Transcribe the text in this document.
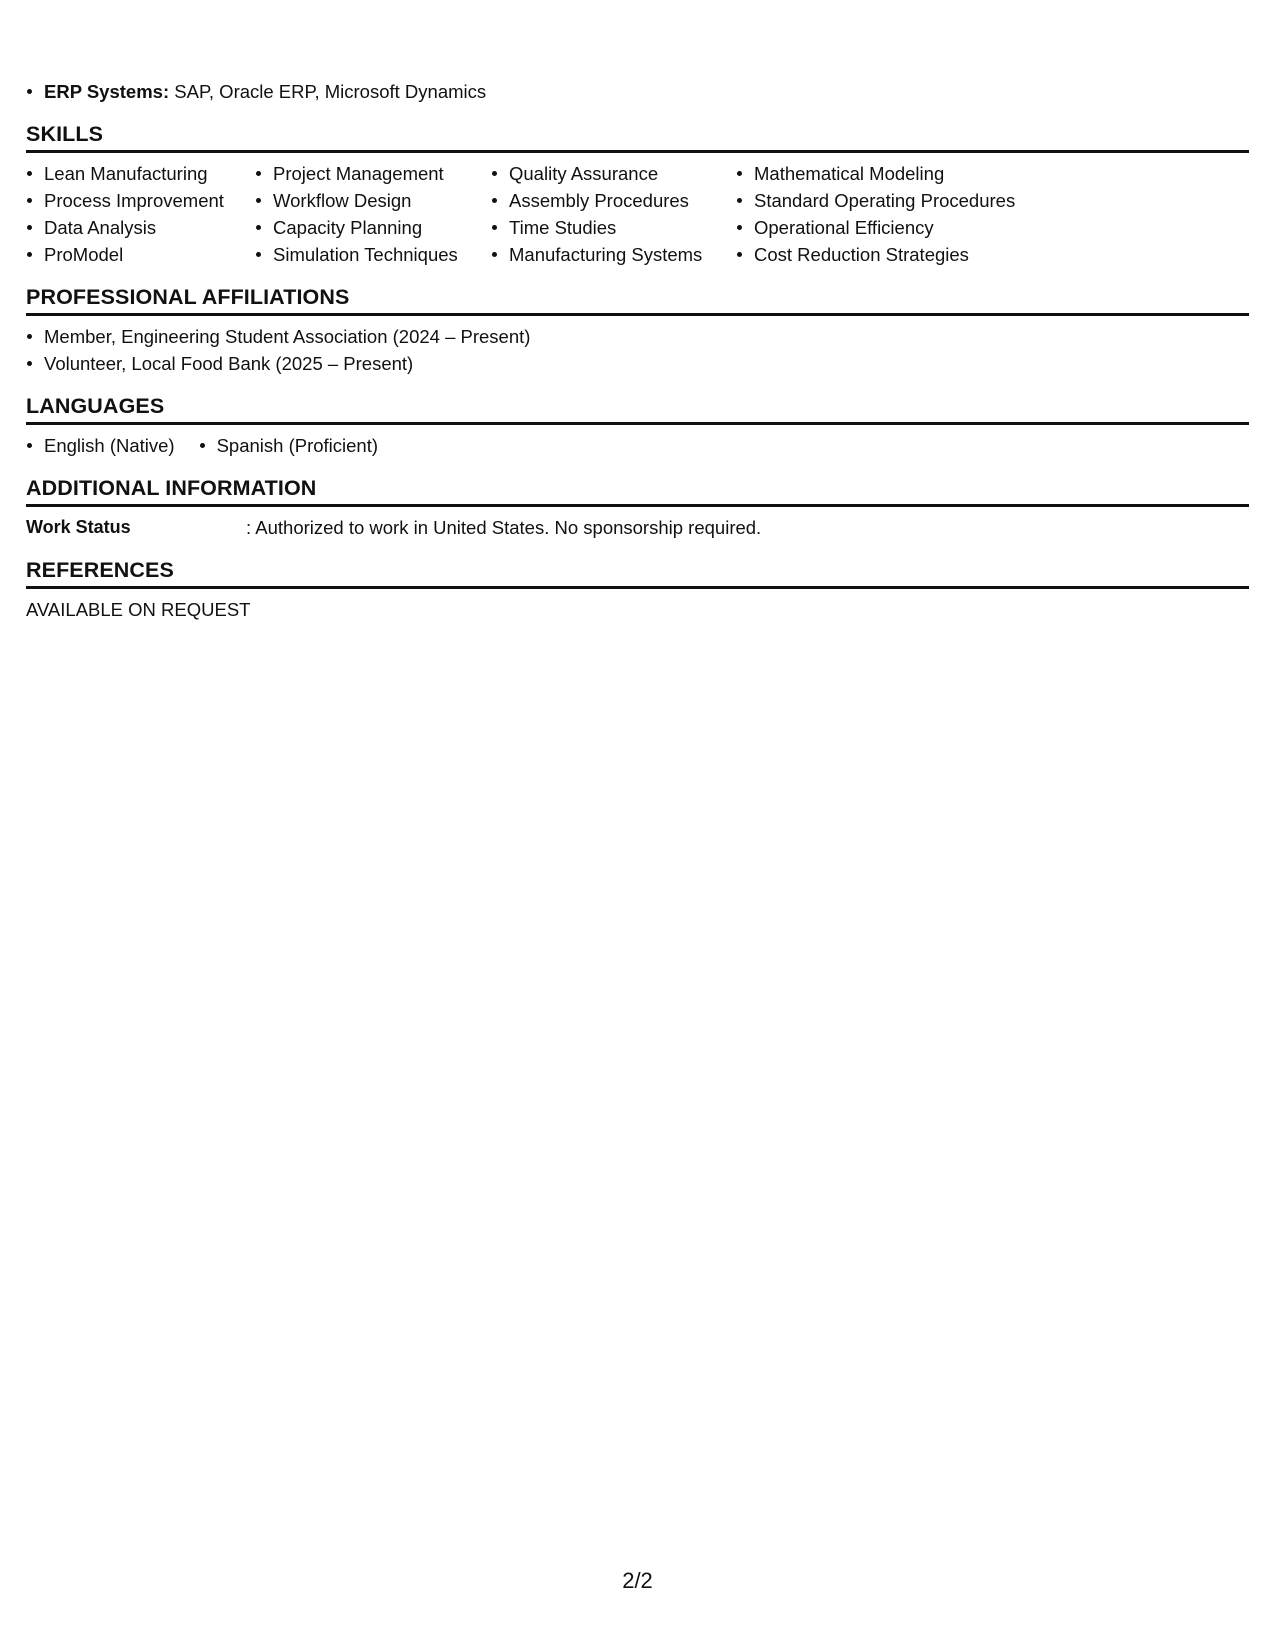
ERP Systems: SAP, Oracle ERP, Microsoft Dynamics
SKILLS
Lean Manufacturing
Process Improvement
Data Analysis
ProModel
Project Management
Workflow Design
Capacity Planning
Simulation Techniques
Quality Assurance
Assembly Procedures
Time Studies
Manufacturing Systems
Mathematical Modeling
Standard Operating Procedures
Operational Efficiency
Cost Reduction Strategies
PROFESSIONAL AFFILIATIONS
Member, Engineering Student Association (2024 – Present)
Volunteer, Local Food Bank (2025 – Present)
LANGUAGES
English (Native)	Spanish (Proficient)
ADDITIONAL INFORMATION
Work Status	: Authorized to work in United States. No sponsorship required.
REFERENCES
AVAILABLE ON REQUEST
2/2
